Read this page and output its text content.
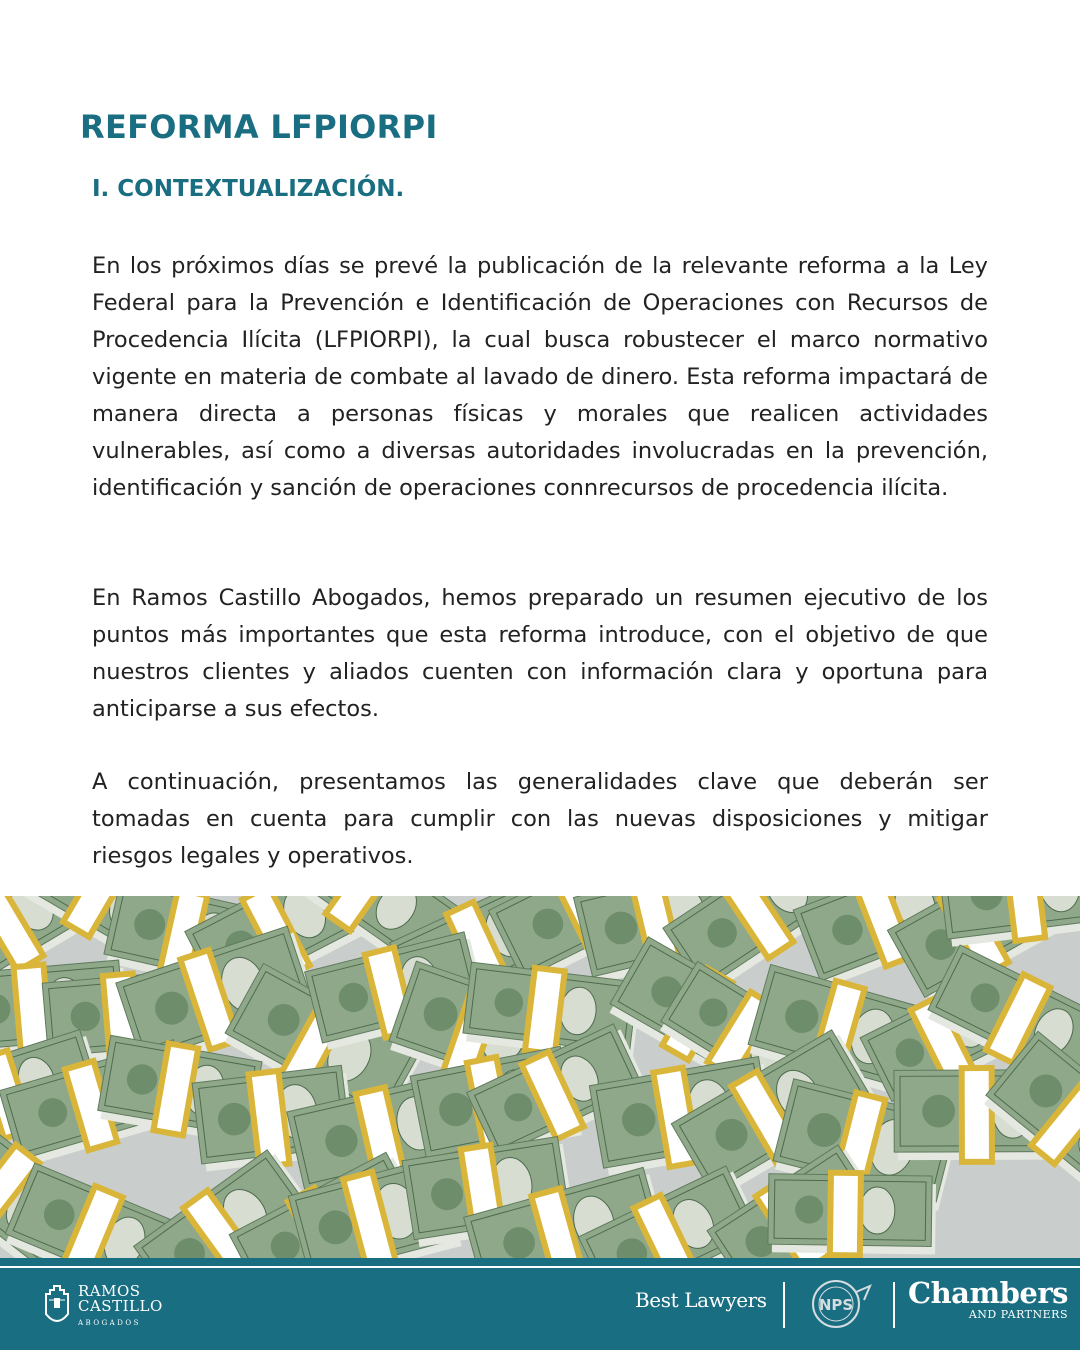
REFORMA LFPIORPI
I. CONTEXTUALIZACIÓN.

En los próximos días se prevé la publicación de la relevante reforma a la Ley Federal para la Prevención e Identificación de Operaciones con Recursos de Procedencia Ilícita (LFPIORPI), la cual busca robustecer el marco normativo vigente en materia de combate al lavado de dinero. Esta reforma impactará de manera directa a personas físicas y morales que realicen actividades vulnerables, así como a diversas autoridades involucradas en la prevención, identificación y sanción de operaciones connrecursos de procedencia ilícita.

En Ramos Castillo Abogados, hemos preparado un resumen ejecutivo de los puntos más importantes que esta reforma introduce, con el objetivo de que nuestros clientes y aliados cuenten con información clara y oportuna para anticiparse a sus efectos.

A continuación, presentamos las generalidades clave que deberán ser tomadas en cuenta para cumplir con las nuevas disposiciones y mitigar riesgos legales y operativos.

RAMOS
CASTILLO
ABOGADOS
Best Lawyers	NPS Chambers
AND PARTNERS
